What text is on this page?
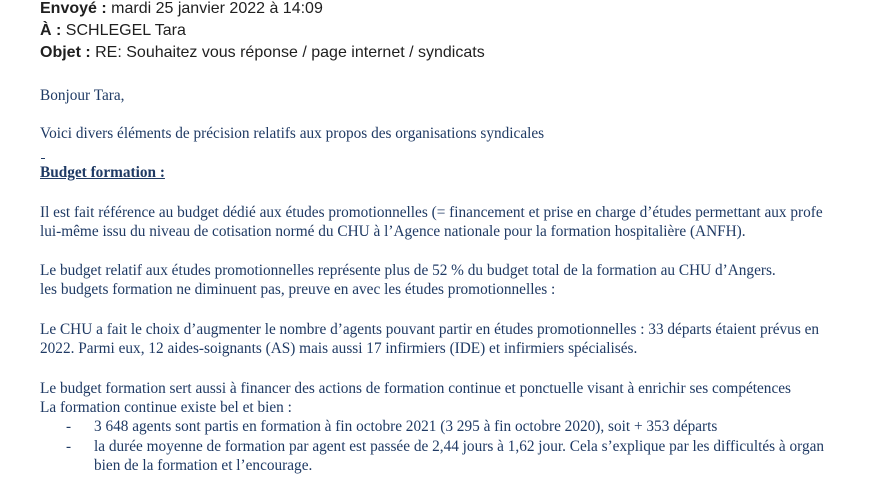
Envoyé : mardi 25 janvier 2022 à 14:09
À : SCHLEGEL Tara
Objet : RE: Souhaitez vous réponse / page internet / syndicats
Bonjour Tara,
Voici divers éléments de précision relatifs aux propos des organisations syndicales
Budget formation :
Il est fait référence au budget dédié aux études promotionnelles (= financement et prise en charge d’études permettant aux profe
lui-même issu du niveau de cotisation normé du CHU à l’Agence nationale pour la formation hospitalière (ANFH).
Le budget relatif aux études promotionnelles représente plus de 52 % du budget total de la formation au CHU d’Angers.
les budgets formation ne diminuent pas, preuve en avec les études promotionnelles :
Le CHU a fait le choix d’augmenter le nombre d’agents pouvant partir en études promotionnelles : 33 départs étaient prévus en
2022. Parmi eux, 12 aides-soignants (AS) mais aussi 17 infirmiers (IDE) et infirmiers spécialisés.
Le budget formation sert aussi à financer des actions de formation continue et ponctuelle visant à enrichir ses compétences
La formation continue existe bel et bien :
- 3 648 agents sont partis en formation à fin octobre 2021 (3 295 à fin octobre 2020), soit + 353 départs
- la durée moyenne de formation par agent est passée de 2,44 jours à 1,62 jour. Cela s’explique par les difficultés à organ
bien de la formation et l’encourage.
